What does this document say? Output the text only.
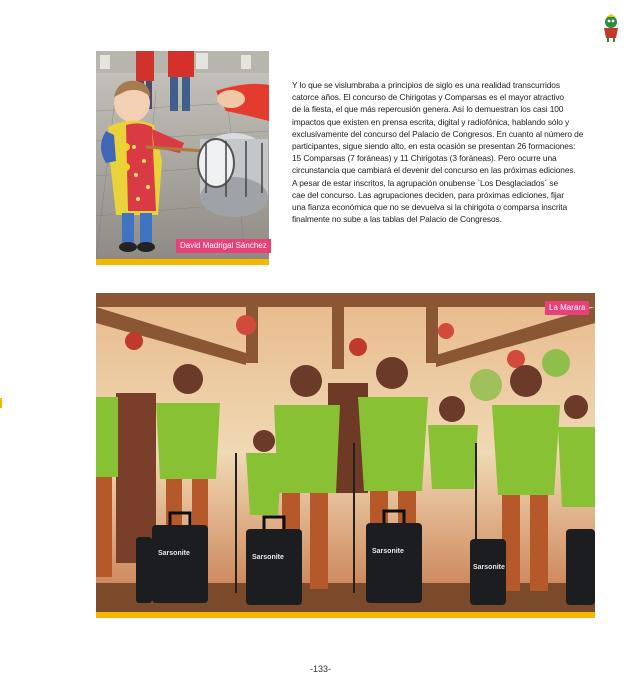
David Madrigal Sánchez

Y lo que se vislumbraba a principios de siglo es una realidad transcurridos

catorce años. El concurso de Chirigotas y Comparsas es el mayor atractivo

de la fiesta, el que más repercusión genera. Así lo demuestran los casi 100

impactos que existen en prensa escrita, digital y radiofónica, hablando sólo y

exclusivamente del concurso del Palacio de Congresos. En cuanto al número de

participantes, sigue siendo alto, en esta ocasión se presentan 26 formaciones:

15 Comparsas (7 foráneas) y 11 Chirigotas (3 foráneas). Pero ocurre una

circunstancia que cambiará el devenir del concurso en las próximas ediciones.

A pesar de estar inscritos, la agrupación onubense `Los Desglaciados´ se

cae del concurso. Las agrupaciones deciden, para próximas ediciones, fijar

una fianza económica que no se devuelva si la chirigota o comparsa inscrita

finalmente no sube a las tablas del Palacio de Congresos.

Sarsonite
Sarsonite
Sarsonite
Sarsonite
La Marara
-133-
